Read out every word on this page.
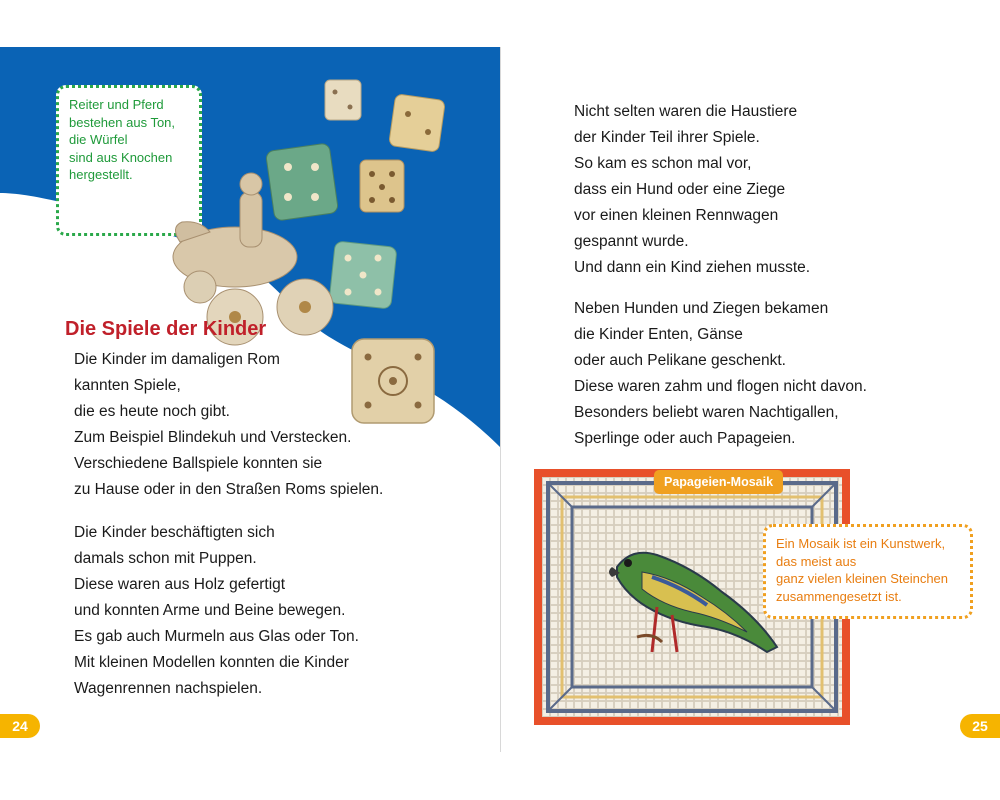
Reiter und Pferd
bestehen aus Ton,
die Würfel
sind aus Knochen
hergestellt.
Die Spiele der Kinder
Die Kinder im damaligen Rom
kannten Spiele,
die es heute noch gibt.
Zum Beispiel Blindekuh und Verstecken.
Verschiedene Ballspiele konnten sie
zu Hause oder in den Straßen Roms spielen.
Die Kinder beschäftigten sich
damals schon mit Puppen.
Diese waren aus Holz gefertigt
und konnten Arme und Beine bewegen.
Es gab auch Murmeln aus Glas oder Ton.
Mit kleinen Modellen konnten die Kinder
Wagenrennen nachspielen.
24
Nicht selten waren die Haustiere
der Kinder Teil ihrer Spiele.
So kam es schon mal vor,
dass ein Hund oder eine Ziege
vor einen kleinen Rennwagen
gespannt wurde.
Und dann ein Kind ziehen musste.
Neben Hunden und Ziegen bekamen
die Kinder Enten, Gänse
oder auch Pelikane geschenkt.
Diese waren zahm und flogen nicht davon.
Besonders beliebt waren Nachtigallen,
Sperlinge oder auch Papageien.
Papageien-Mosaik
Ein Mosaik ist ein Kunstwerk,
das meist aus
ganz vielen kleinen Steinchen
zusammengesetzt ist.
25
